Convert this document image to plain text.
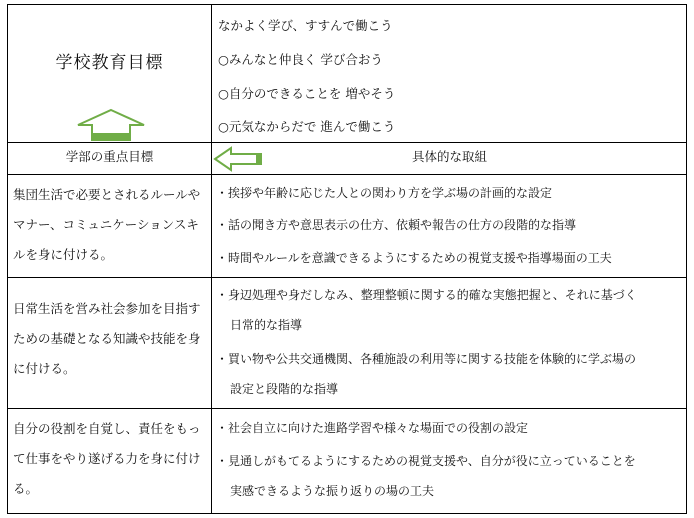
学校教育目標
なかよく学び、すすんで働こう
○みんなと仲良く 学び合おう
○自分のできることを 増やそう
○元気なからだで 進んで働こう
学部の重点目標	具体的な取組
集団生活で必要とされるルールや
マナー、コミュニケーションスキ
ルを身に付ける。
・挨拶や年齢に応じた人との関わり方を学ぶ場の計画的な設定
・話の聞き方や意思表示の仕方、依頼や報告の仕方の段階的な指導
・時間やルールを意識できるようにするための視覚支援や指導場面の工夫
日常生活を営み社会参加を目指す
ための基礎となる知識や技能を身
に付ける。
・身辺処理や身だしなみ、整理整頓に関する的確な実態把握と、それに基づく
日常的な指導
・買い物や公共交通機関、各種施設の利用等に関する技能を体験的に学ぶ場の
設定と段階的な指導
自分の役割を自覚し、責任をもっ
て仕事をやり遂げる力を身に付け
る。
・社会自立に向けた進路学習や様々な場面での役割の設定
・見通しがもてるようにするための視覚支援や、自分が役に立っていることを
実感できるような振り返りの場の工夫
